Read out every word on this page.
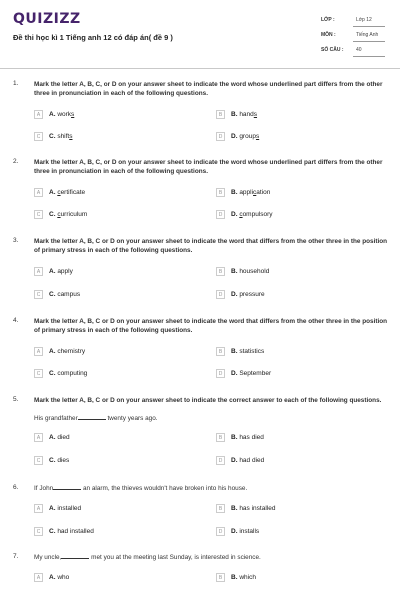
QUIZIZZ
Đề thi học kì 1 Tiếng anh 12 có đáp án( đề 9 )
LỚP :	Lớp 12
MÔN :	Tiếng Anh
SỐ CÂU :	40
1. Mark the letter A, B, C, or D on your answer sheet to indicate the word whose underlined part differs from the other three in pronunciation in each of the following questions.
A	A. works	B	B. hands
C	C. shifts	D	D. groups
2. Mark the letter A, B, C, or D on your answer sheet to indicate the word whose underlined part differs from the other three in pronunciation in each of the following questions.
A	A. certificate	B	B. application
C	C. curriculum	D	D. compulsory
3. Mark the letter A, B, C or D on your answer sheet to indicate the word that differs from the other three in the position of primary stress in each of the following questions.
A	A. apply	B	B. household
C	C. campus	D	D. pressure
4. Mark the letter A, B, C or D on your answer sheet to indicate the word that differs from the other three in the position of primary stress in each of the following questions.
A	A. chemistry	B	B. statistics
C	C. computing	D	D. September
5. Mark the letter A, B, C or D on your answer sheet to indicate the correct answer to each of the following questions.
His grandfather	twenty years ago.
A	A. died	B	B. has died
C	C. dies	D	D. had died
6. If John	an alarm, the thieves wouldn't have broken into his house.
A	A. installed	B	B. has installed
C	C. had installed	D	D. installs
7. My uncle,	met you at the meeting last Sunday, is interested in science.
A	A. who	B	B. which
